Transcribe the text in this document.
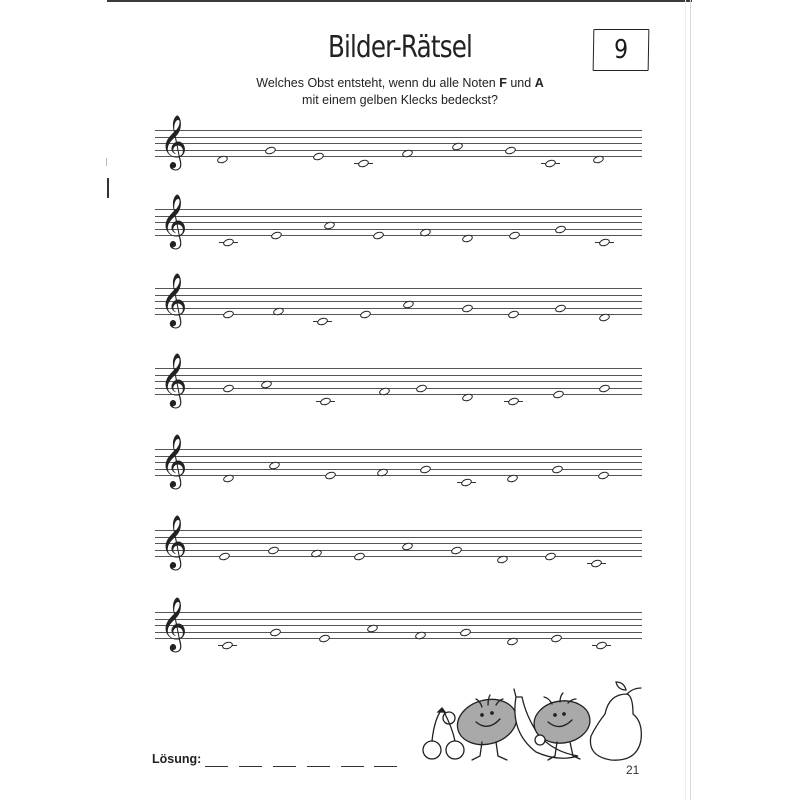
Bilder-Rätsel	9
Welches Obst entsteht, wenn du alle Noten F und A
mit einem gelben Klecks bedeckst?
𝄞
𝄞
𝄞
𝄞
𝄞
𝄞
𝄞
Lösung:
21
